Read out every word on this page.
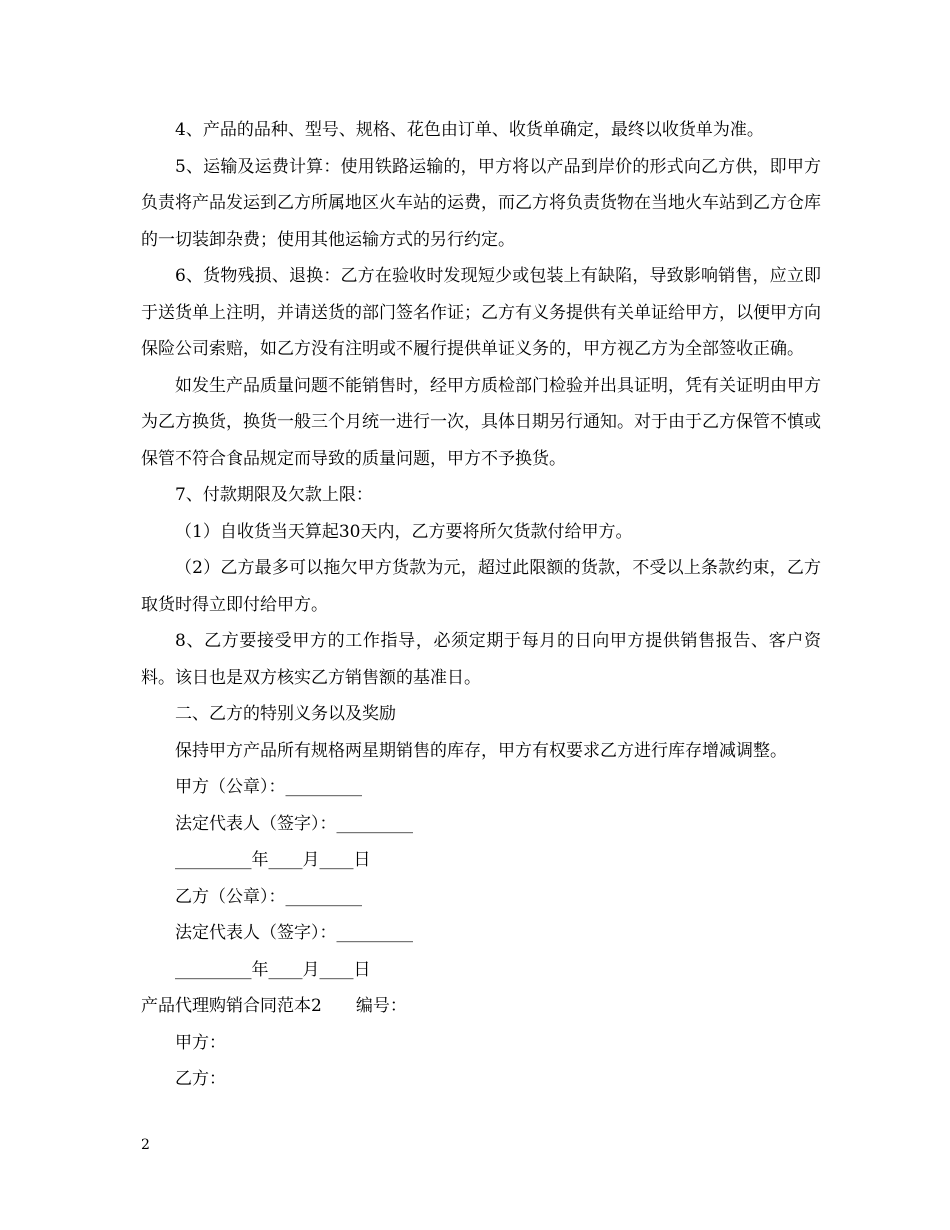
4、产品的品种、型号、规格、花色由订单、收货单确定，最终以收货单为准。

5、运输及运费计算：使用铁路运输的，甲方将以产品到岸价的形式向乙方供，即甲方负责将产品发运到乙方所属地区火车站的运费，而乙方将负责货物在当地火车站到乙方仓库的一切装卸杂费；使用其他运输方式的另行约定。

6、货物残损、退换：乙方在验收时发现短少或包装上有缺陷，导致影响销售，应立即于送货单上注明，并请送货的部门签名作证；乙方有义务提供有关单证给甲方，以便甲方向保险公司索赔，如乙方没有注明或不履行提供单证义务的，甲方视乙方为全部签收正确。

如发生产品质量问题不能销售时，经甲方质检部门检验并出具证明，凭有关证明由甲方为乙方换货，换货一般三个月统一进行一次，具体日期另行通知。对于由于乙方保管不慎或保管不符合食品规定而导致的质量问题，甲方不予换货。

7、付款期限及欠款上限：

（1）自收货当天算起30天内，乙方要将所欠货款付给甲方。

（2）乙方最多可以拖欠甲方货款为元，超过此限额的货款，不受以上条款约束，乙方取货时得立即付给甲方。

8、乙方要接受甲方的工作指导，必须定期于每月的日向甲方提供销售报告、客户资料。该日也是双方核实乙方销售额的基准日。

二、乙方的特别义务以及奖励

保持甲方产品所有规格两星期销售的库存，甲方有权要求乙方进行库存增减调整。

甲方（公章）：_________

法定代表人（签字）：_________

_________年____月____日

乙方（公章）：_________

法定代表人（签字）：_________

_________年____月____日

产品代理购销合同范本2 编号：

甲方：

乙方：

2
